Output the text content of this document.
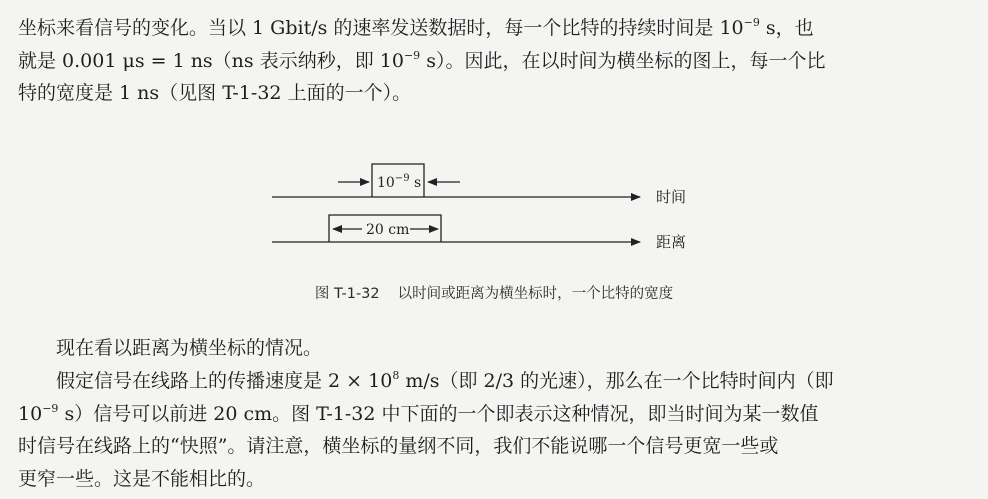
坐标来看信号的变化。当以 1 Gbit/s 的速率发送数据时，每一个比特的持续时间是 $10^{-9}$ s，也
就是 0.001 μs = 1 ns（ns 表示纳秒，即 $10^{-9}$ s）。因此，在以时间为横坐标的图上，每一个比
特的宽度是 1 ns（见图 T-1-32 上面的一个）。

$10^{-9}$ s
时间
20 cm
距离
图 T-1-32 以时间或距离为横坐标时，一个比特的宽度

现在看以距离为横坐标的情况。

假定信号在线路上的传播速度是 $2 \times 10^8$ m/s（即 2/3 的光速），那么在一个比特时间内（即
$10^{-9}$ s）信号可以前进 20 cm。图 T-1-32 中下面的一个即表示这种情况，即当时间为某一数值
时信号在线路上的“快照”。请注意，横坐标的量纲不同，我们不能说哪一个信号更宽一些或
更窄一些。这是不能相比的。
